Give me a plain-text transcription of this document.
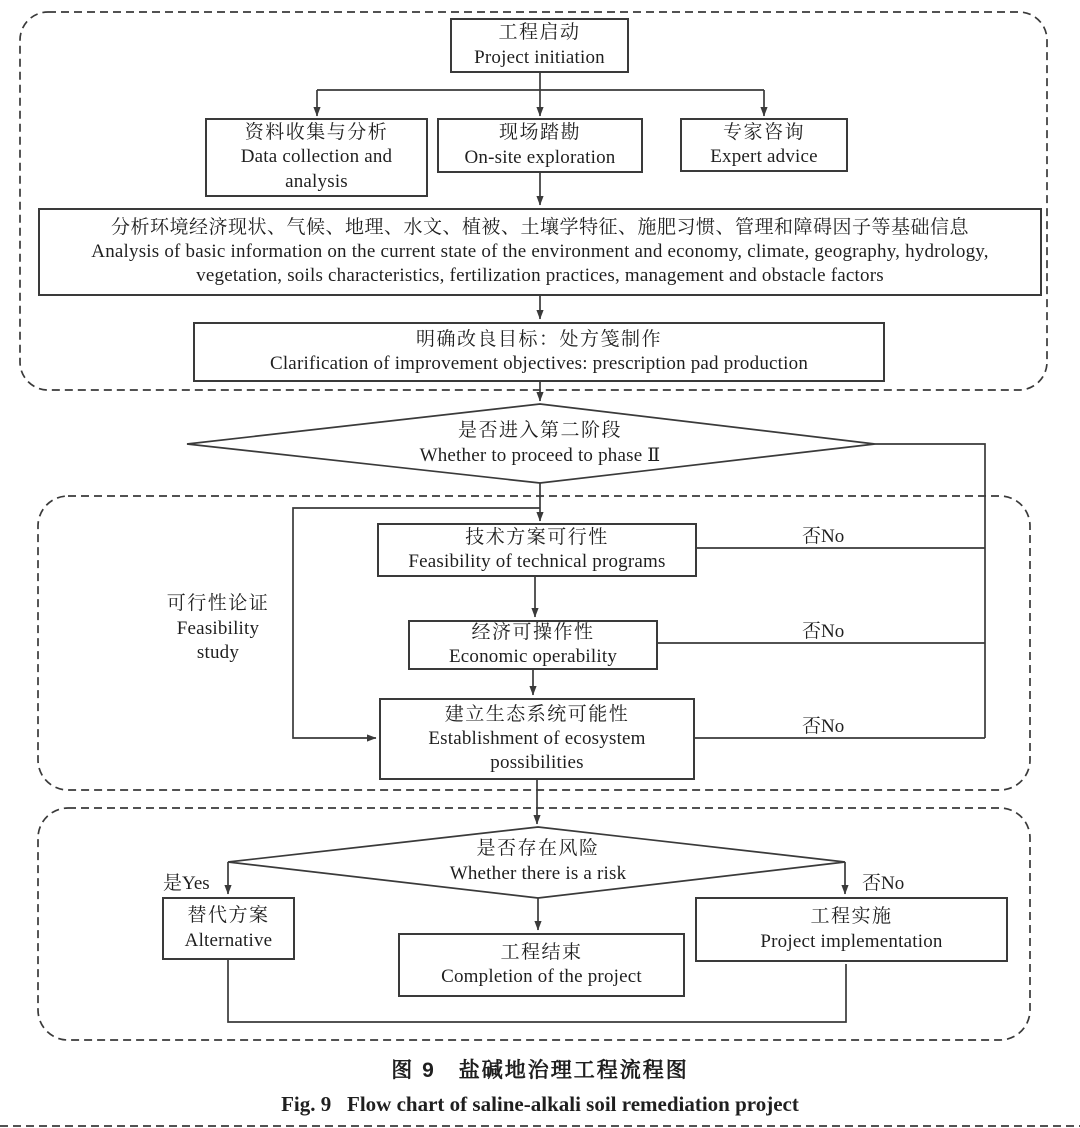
工程启动
Project initiation
资料收集与分析
Data collection and analysis
现场踏勘
On-site exploration
专家咨询
Expert advice
分析环境经济现状、气候、地理、水文、植被、土壤学特征、施肥习惯、管理和障碍因子等基础信息
Analysis of basic information on the current state of the environment and economy, climate, geography, hydrology, vegetation, soils characteristics, fertilization practices, management and obstacle factors
明确改良目标：处方笺制作
Clarification of improvement objectives: prescription pad production
是否进入第二阶段
Whether to proceed to phase Ⅱ
可行性论证
Feasibility study
技术方案可行性
Feasibility of technical programs
否No
经济可操作性
Economic operability
否No
建立生态系统可能性
Establishment of ecosystem possibilities
否No
是否存在风险
Whether there is a risk
是Yes	否No
替代方案
Alternative
工程结束
Completion of the project
工程实施
Project implementation
图 9　盐碱地治理工程流程图
Fig. 9   Flow chart of saline-alkali soil remediation project
